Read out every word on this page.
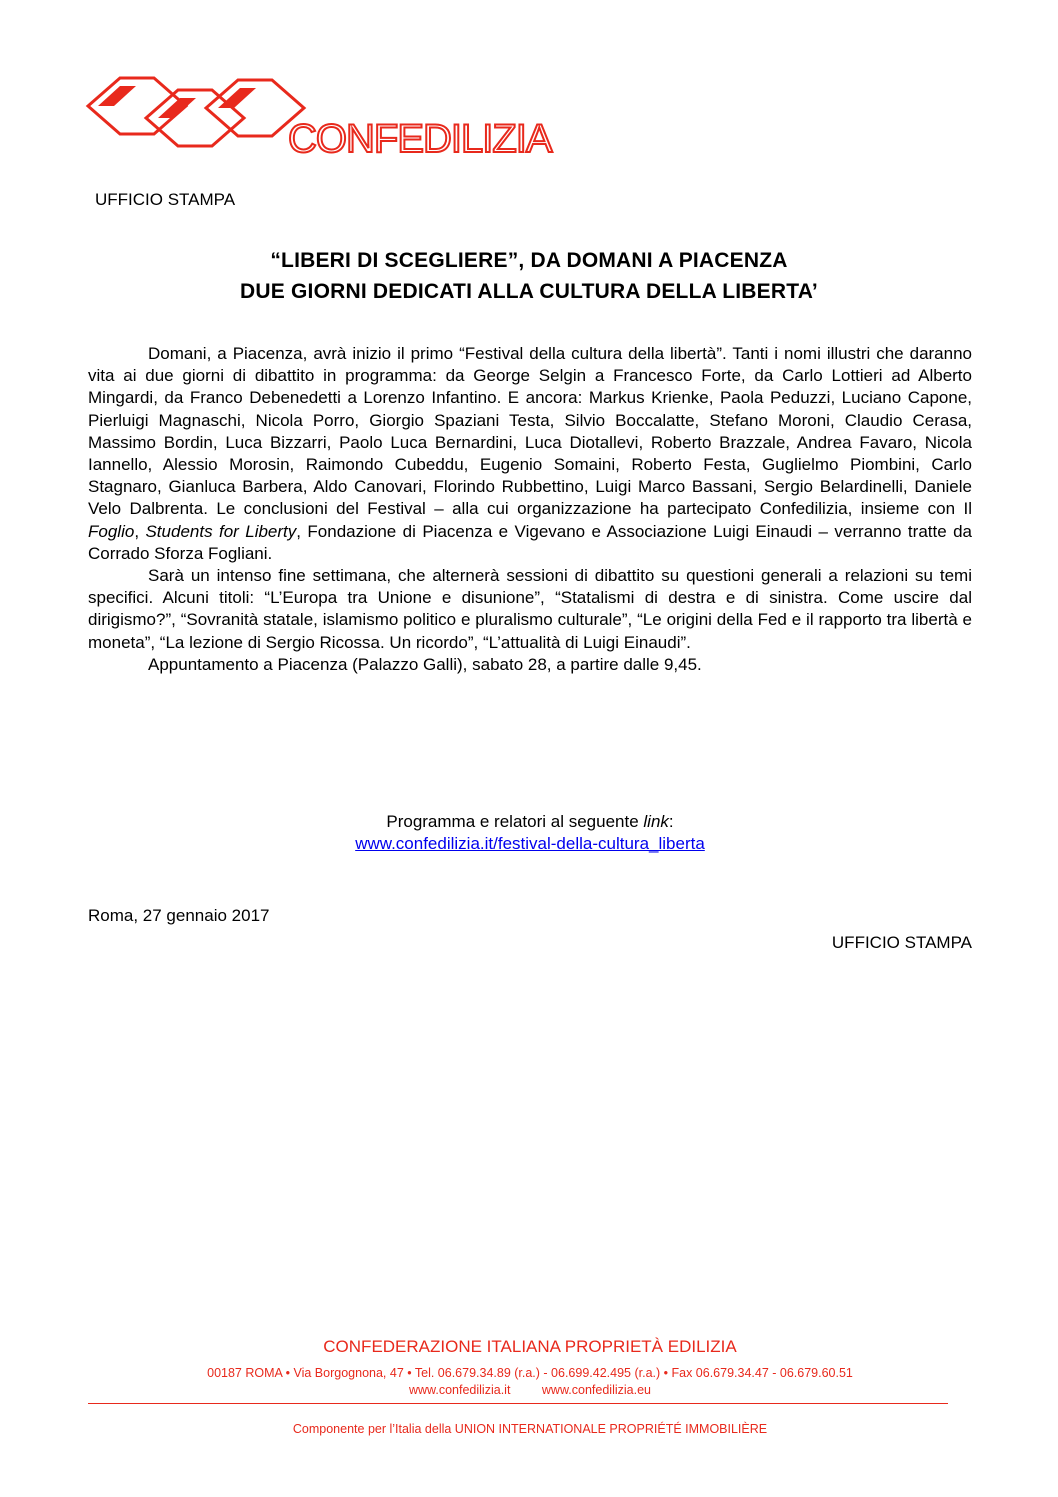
CONFEDILIZIA
UFFICIO STAMPA
“LIBERI DI SCEGLIERE”, DA DOMANI A PIACENZA
DUE GIORNI DEDICATI ALLA CULTURA DELLA LIBERTA’

Domani, a Piacenza, avrà inizio il primo “Festival della cultura della libertà”. Tanti i nomi illustri che daranno vita ai due giorni di dibattito in programma: da George Selgin a Francesco Forte, da Carlo Lottieri ad Alberto Mingardi, da Franco Debenedetti a Lorenzo Infantino. E ancora: Markus Krienke, Paola Peduzzi, Luciano Capone, Pierluigi Magnaschi, Nicola Porro, Giorgio Spaziani Testa, Silvio Boccalatte, Stefano Moroni, Claudio Cerasa, Massimo Bordin, Luca Bizzarri, Paolo Luca Bernardini, Luca Diotallevi, Roberto Brazzale, Andrea Favaro, Nicola Iannello, Alessio Morosin, Raimondo Cubeddu, Eugenio Somaini, Roberto Festa, Guglielmo Piombini, Carlo Stagnaro, Gianluca Barbera, Aldo Canovari, Florindo Rubbettino, Luigi Marco Bassani, Sergio Belardinelli, Daniele Velo Dalbrenta. Le conclusioni del Festival – alla cui organizzazione ha partecipato Confedilizia, insieme con Il Foglio, Students for Liberty, Fondazione di Piacenza e Vigevano e Associazione Luigi Einaudi – verranno tratte da Corrado Sforza Fogliani.

Sarà un intenso fine settimana, che alternerà sessioni di dibattito su questioni generali a relazioni su temi specifici. Alcuni titoli: “L’Europa tra Unione e disunione”, “Statalismi di destra e di sinistra. Come uscire dal dirigismo?”, “Sovranità statale, islamismo politico e pluralismo culturale”, “Le origini della Fed e il rapporto tra libertà e moneta”, “La lezione di Sergio Ricossa. Un ricordo”, “L’attualità di Luigi Einaudi”.

Appuntamento a Piacenza (Palazzo Galli), sabato 28, a partire dalle 9,45.

Programma e relatori al seguente link:
www.confedilizia.it/festival-della-cultura_liberta
Roma, 27 gennaio 2017
UFFICIO STAMPA
CONFEDERAZIONE ITALIANA PROPRIETÀ EDILIZIA
00187 ROMA • Via Borgognona, 47 • Tel. 06.679.34.89 (r.a.) - 06.699.42.495 (r.a.) • Fax 06.679.34.47 - 06.679.60.51
www.confedilizia.it	www.confedilizia.eu
Componente per l’Italia della UNION INTERNATIONALE PROPRIÉTÉ IMMOBILIÈRE
